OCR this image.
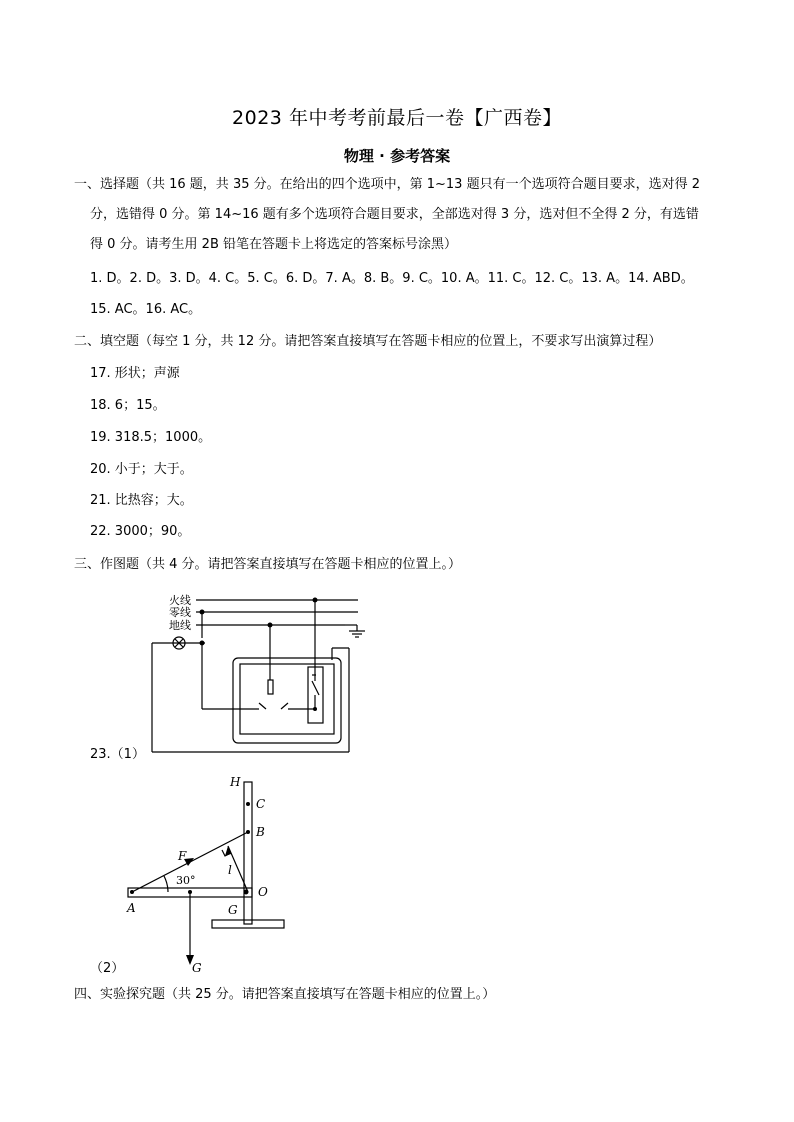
2023 年中考考前最后一卷【广西卷】
物理 · 参考答案
一、选择题（共 16 题，共 35 分。在给出的四个选项中，第 1~13 题只有一个选项符合题目要求，选对得 2
分，选错得 0 分。第 14~16 题有多个选项符合题目要求，全部选对得 3 分，选对但不全得 2 分，有选错
得 0 分。请考生用 2B 铅笔在答题卡上将选定的答案标号涂黑）
1. D。2. D。3. D。4. C。5. C。6. D。7. A。8. B。9. C。10. A。11. C。12. C。13. A。14. ABD。
15. AC。16. AC。
二、填空题（每空 1 分，共 12 分。请把答案直接填写在答题卡相应的位置上，不要求写出演算过程）
17. 形状；声源
18. 6；15。
19. 318.5；1000。
20. 小于；大于。
21. 比热容；大。
22. 3000；90。
三、作图题（共 4 分。请把答案直接填写在答题卡相应的位置上。）
火线
零线
地线
23.（1）
H
C
B
F
l
O
30°
A	G
G
（2）
四、实验探究题（共 25 分。请把答案直接填写在答题卡相应的位置上。）
